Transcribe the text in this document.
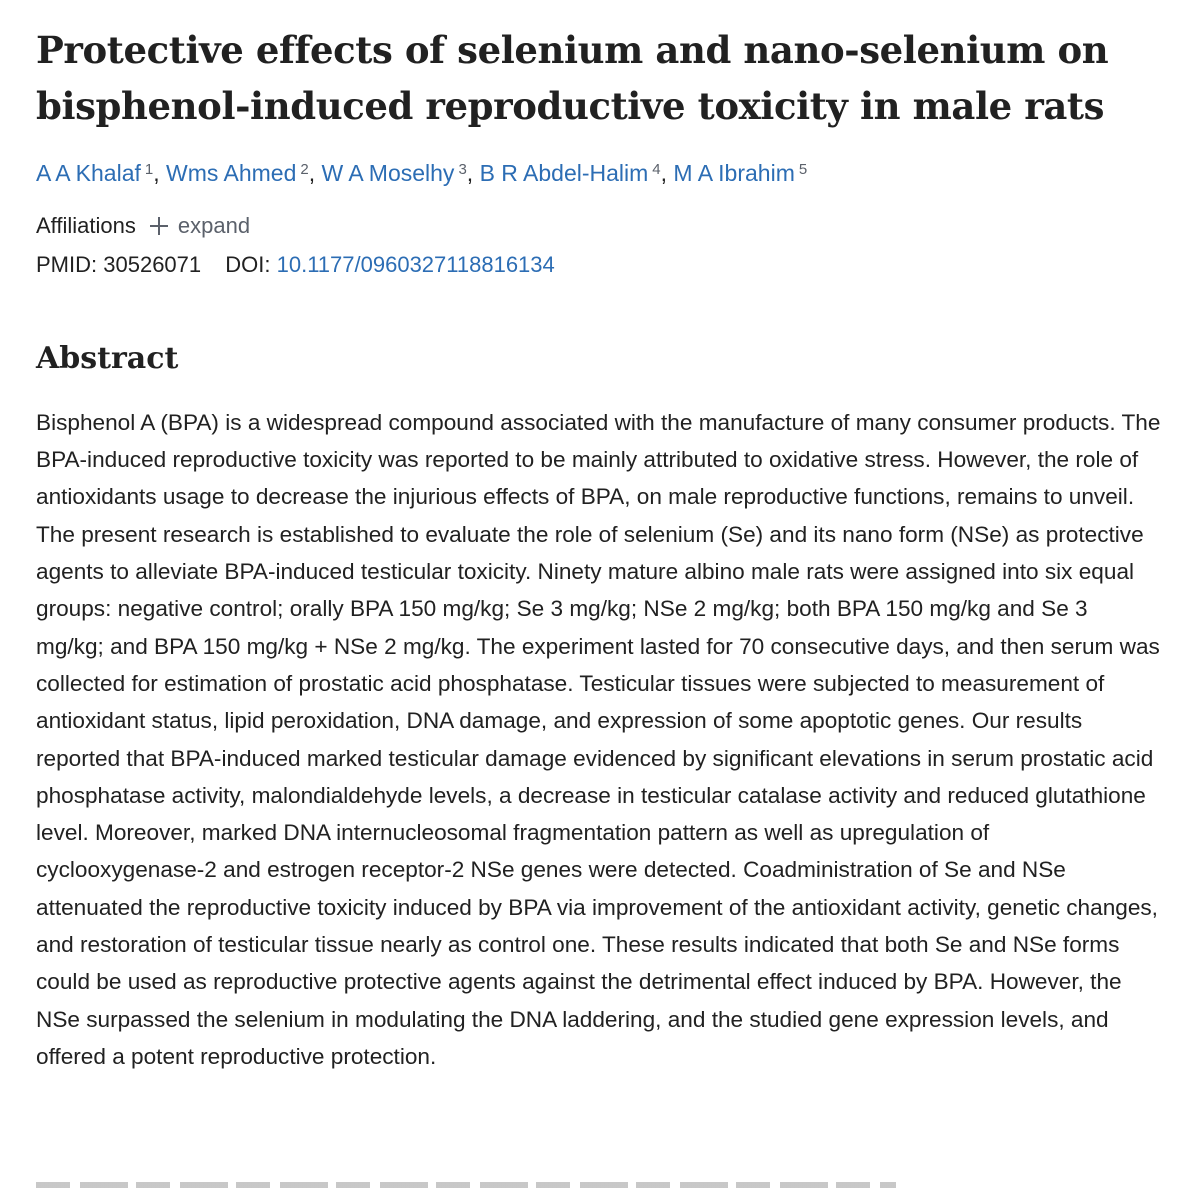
Protective effects of selenium and nano-selenium on bisphenol-induced reproductive toxicity in male rats
A A Khalaf $^1$, Wms Ahmed $^2$, W A Moselhy $^3$, B R Abdel-Halim $^4$, M A Ibrahim $^5$
Affiliations expand
PMID: 30526071 DOI: 10.1177/0960327118816134
Abstract

Bisphenol A (BPA) is a widespread compound associated with the manufacture of many consumer products. The BPA-induced reproductive toxicity was reported to be mainly attributed to oxidative stress. However, the role of antioxidants usage to decrease the injurious effects of BPA, on male reproductive functions, remains to unveil. The present research is established to evaluate the role of selenium (Se) and its nano form (NSe) as protective agents to alleviate BPA-induced testicular toxicity. Ninety mature albino male rats were assigned into six equal groups: negative control; orally BPA 150 mg/kg; Se 3 mg/kg; NSe 2 mg/kg; both BPA 150 mg/kg and Se 3 mg/kg; and BPA 150 mg/kg + NSe 2 mg/kg. The experiment lasted for 70 consecutive days, and then serum was collected for estimation of prostatic acid phosphatase. Testicular tissues were subjected to measurement of antioxidant status, lipid peroxidation, DNA damage, and expression of some apoptotic genes. Our results reported that BPA-induced marked testicular damage evidenced by significant elevations in serum prostatic acid phosphatase activity, malondialdehyde levels, a decrease in testicular catalase activity and reduced glutathione level. Moreover, marked DNA internucleosomal fragmentation pattern as well as upregulation of cyclooxygenase-2 and estrogen receptor-2 NSe genes were detected. Coadministration of Se and NSe attenuated the reproductive toxicity induced by BPA via improvement of the antioxidant activity, genetic changes, and restoration of testicular tissue nearly as control one. These results indicated that both Se and NSe forms could be used as reproductive protective agents against the detrimental effect induced by BPA. However, the NSe surpassed the selenium in modulating the DNA laddering, and the studied gene expression levels, and offered a potent reproductive protection.
